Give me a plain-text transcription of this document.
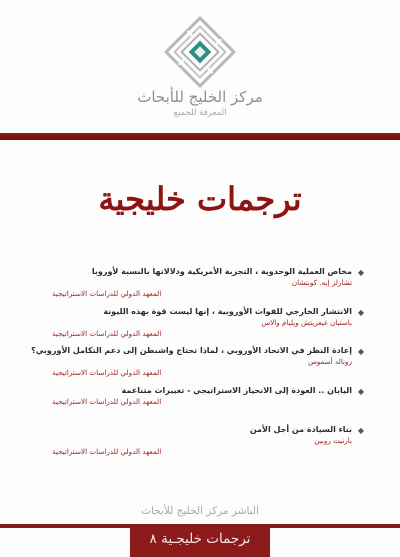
مركز الخليج للأبحاث
المعرفة للجميع
ترجمات خليجية
◆
مخاض العملية الوحدوية ، التجربة الأمريكية ودلالاتها بالنسبة لأوروبا
تشارلز إيه. كوبتشان
المعهد الدولي للدراسات الاستراتيجية
◆
الانتشار الخارجي للقوات الأوروبية ، إنها ليست قوة بهذه الليونة
باستيان غيغريتش ويليام والاس
المعهد الدولي للدراسات الاستراتيجية
◆
إعادة النظر في الاتحاد الأوروبي ، لماذا تحتاج واشنطن إلى دعم التكامل الأوروبي؟
رونالد أسموس
المعهد الدولي للدراسات الاستراتيجية
◆
اليابان .. العودة إلى الانحياز الاستراتيجي - تغييرات متناغمة
المعهد الدولي للدراسات الاستراتيجية
◆
بناء السيادة من أجل الأمن
بارنيت روبين
المعهد الدولي للدراسات الاستراتيجية
الناشر مركز الخليج للأبحاث
ترجمات خليجـية ٨
